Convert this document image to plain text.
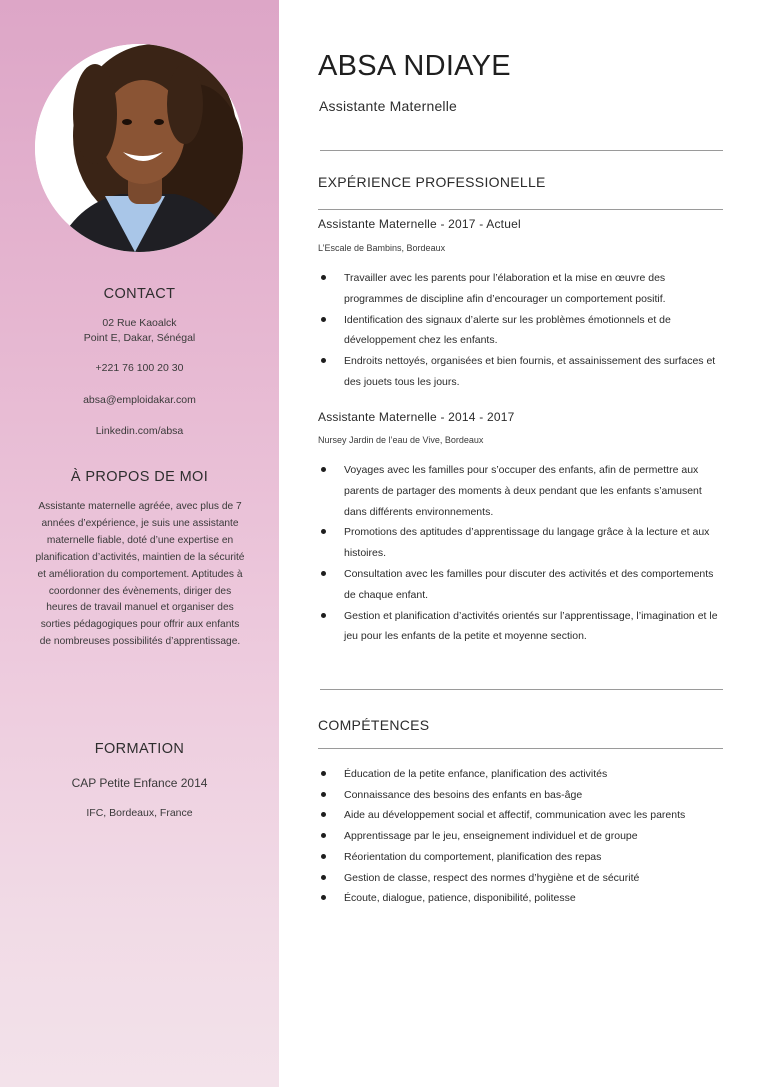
CONTACT
02 Rue Kaoalck
Point E, Dakar, Sénégal
+221 76 100 20 30
absa@emploidakar.com
Linkedin.com/absa
À PROPOS DE MOI
Assistante maternelle agréée, avec plus de 7 années d’expérience, je suis une assistante maternelle fiable, doté d’une expertise en planification d’activités, maintien de la sécurité et amélioration du comportement. Aptitudes à coordonner des évènements, diriger des heures de travail manuel et organiser des sorties pédagogiques pour offrir aux enfants de nombreuses possibilités d’apprentissage.
FORMATION
CAP Petite Enfance 2014
IFC, Bordeaux, France
ABSA NDIAYE
Assistante Maternelle
EXPÉRIENCE PROFESSIONELLE
Assistante Maternelle - 2017 - Actuel
L’Escale de Bambins, Bordeaux
Travailler avec les parents pour l’élaboration et la mise en œuvre des programmes de discipline afin d’encourager un comportement positif.
Identification des signaux d’alerte sur les problèmes émotionnels et de développement chez les enfants.
Endroits nettoyés, organisées et bien fournis, et assainissement des surfaces et des jouets tous les jours.
Assistante Maternelle - 2014 - 2017
Nursey Jardin de l’eau de Vive, Bordeaux
Voyages avec les familles pour s’occuper des enfants, afin de permettre aux parents de partager des moments à deux pendant que les enfants s’amusent dans différents environnements.
Promotions des aptitudes d’apprentissage du langage grâce à la lecture et aux histoires.
Consultation avec les familles pour discuter des activités et des comportements de chaque enfant.
Gestion et planification d’activités orientés sur l’apprentissage, l’imagination et le jeu pour les enfants de la petite et moyenne section.
COMPÉTENCES
Éducation de la petite enfance, planification des activités
Connaissance des besoins des enfants en bas-âge
Aide au développement social et affectif, communication avec les parents
Apprentissage par le jeu, enseignement individuel et de groupe
Réorientation du comportement, planification des repas
Gestion de classe, respect des normes d’hygiène et de sécurité
Écoute, dialogue, patience, disponibilité, politesse
